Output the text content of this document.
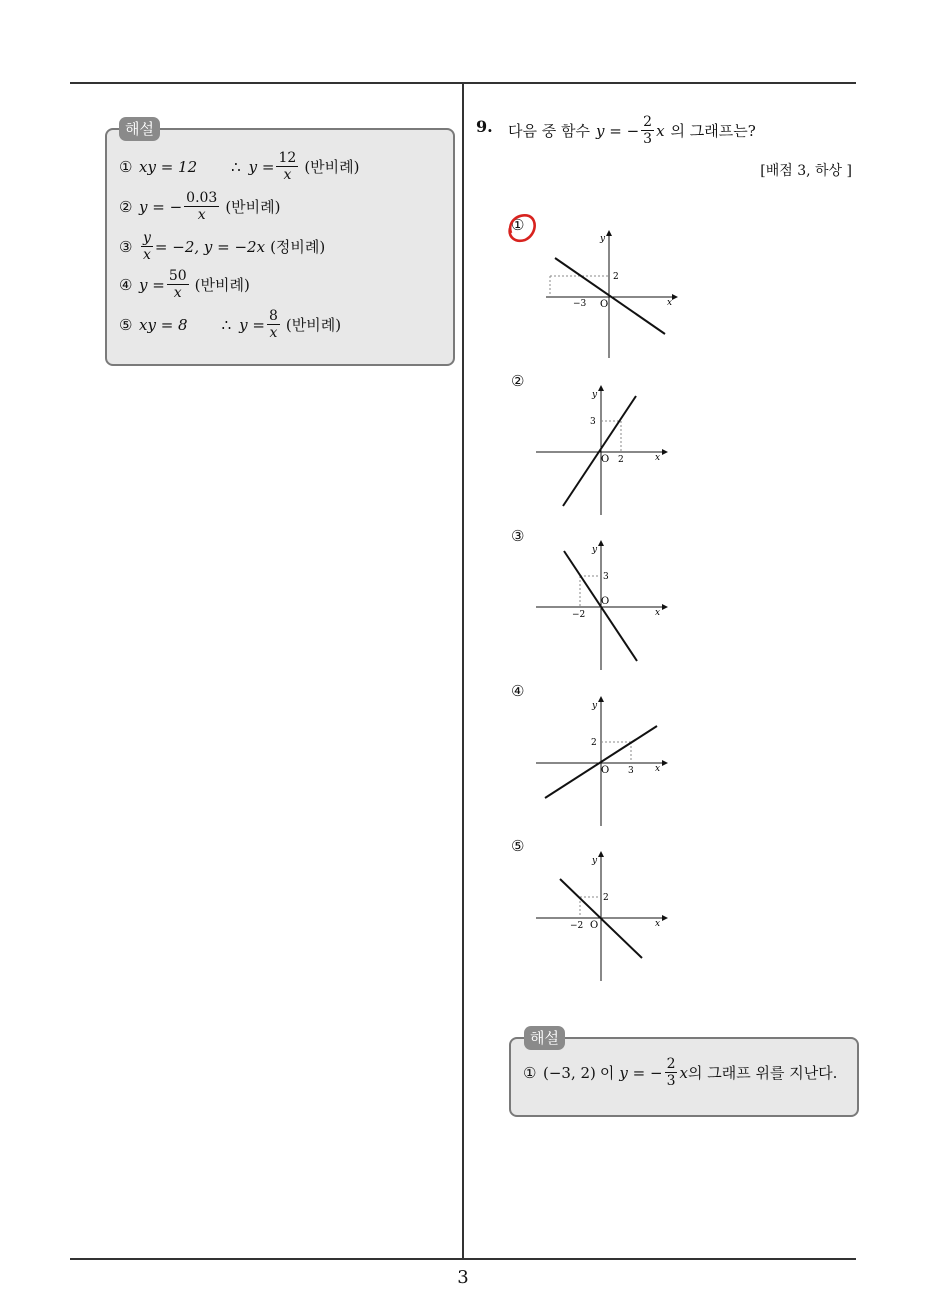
① xy = 12 ∴ $y = \frac{12}{x}$ (반비례)
② y = − $\frac{0.03}{x}$ (반비례)
③ $\frac{y}{x} = -2$, y = −2x (정비례)
④ $y = \frac{50}{x}$ (반비례)
⑤ xy = 8 ∴ $y = \frac{8}{x}$ (반비례)
해설	9. 다음 중 함수 y = − $\frac{2}{3}$ x 의 그래프는?
[배점 3, 하상 ]
①
−3
2
O	x
y
②
3
2
O	x
y
③
3
−2
O
x
y
④
2
3
O	x
y
⑤
2
−2 O	x
y
① (−3, 2) 이 y = − $\frac{2}{3}$ x 의 그래프 위를 지난다.
해설
3
